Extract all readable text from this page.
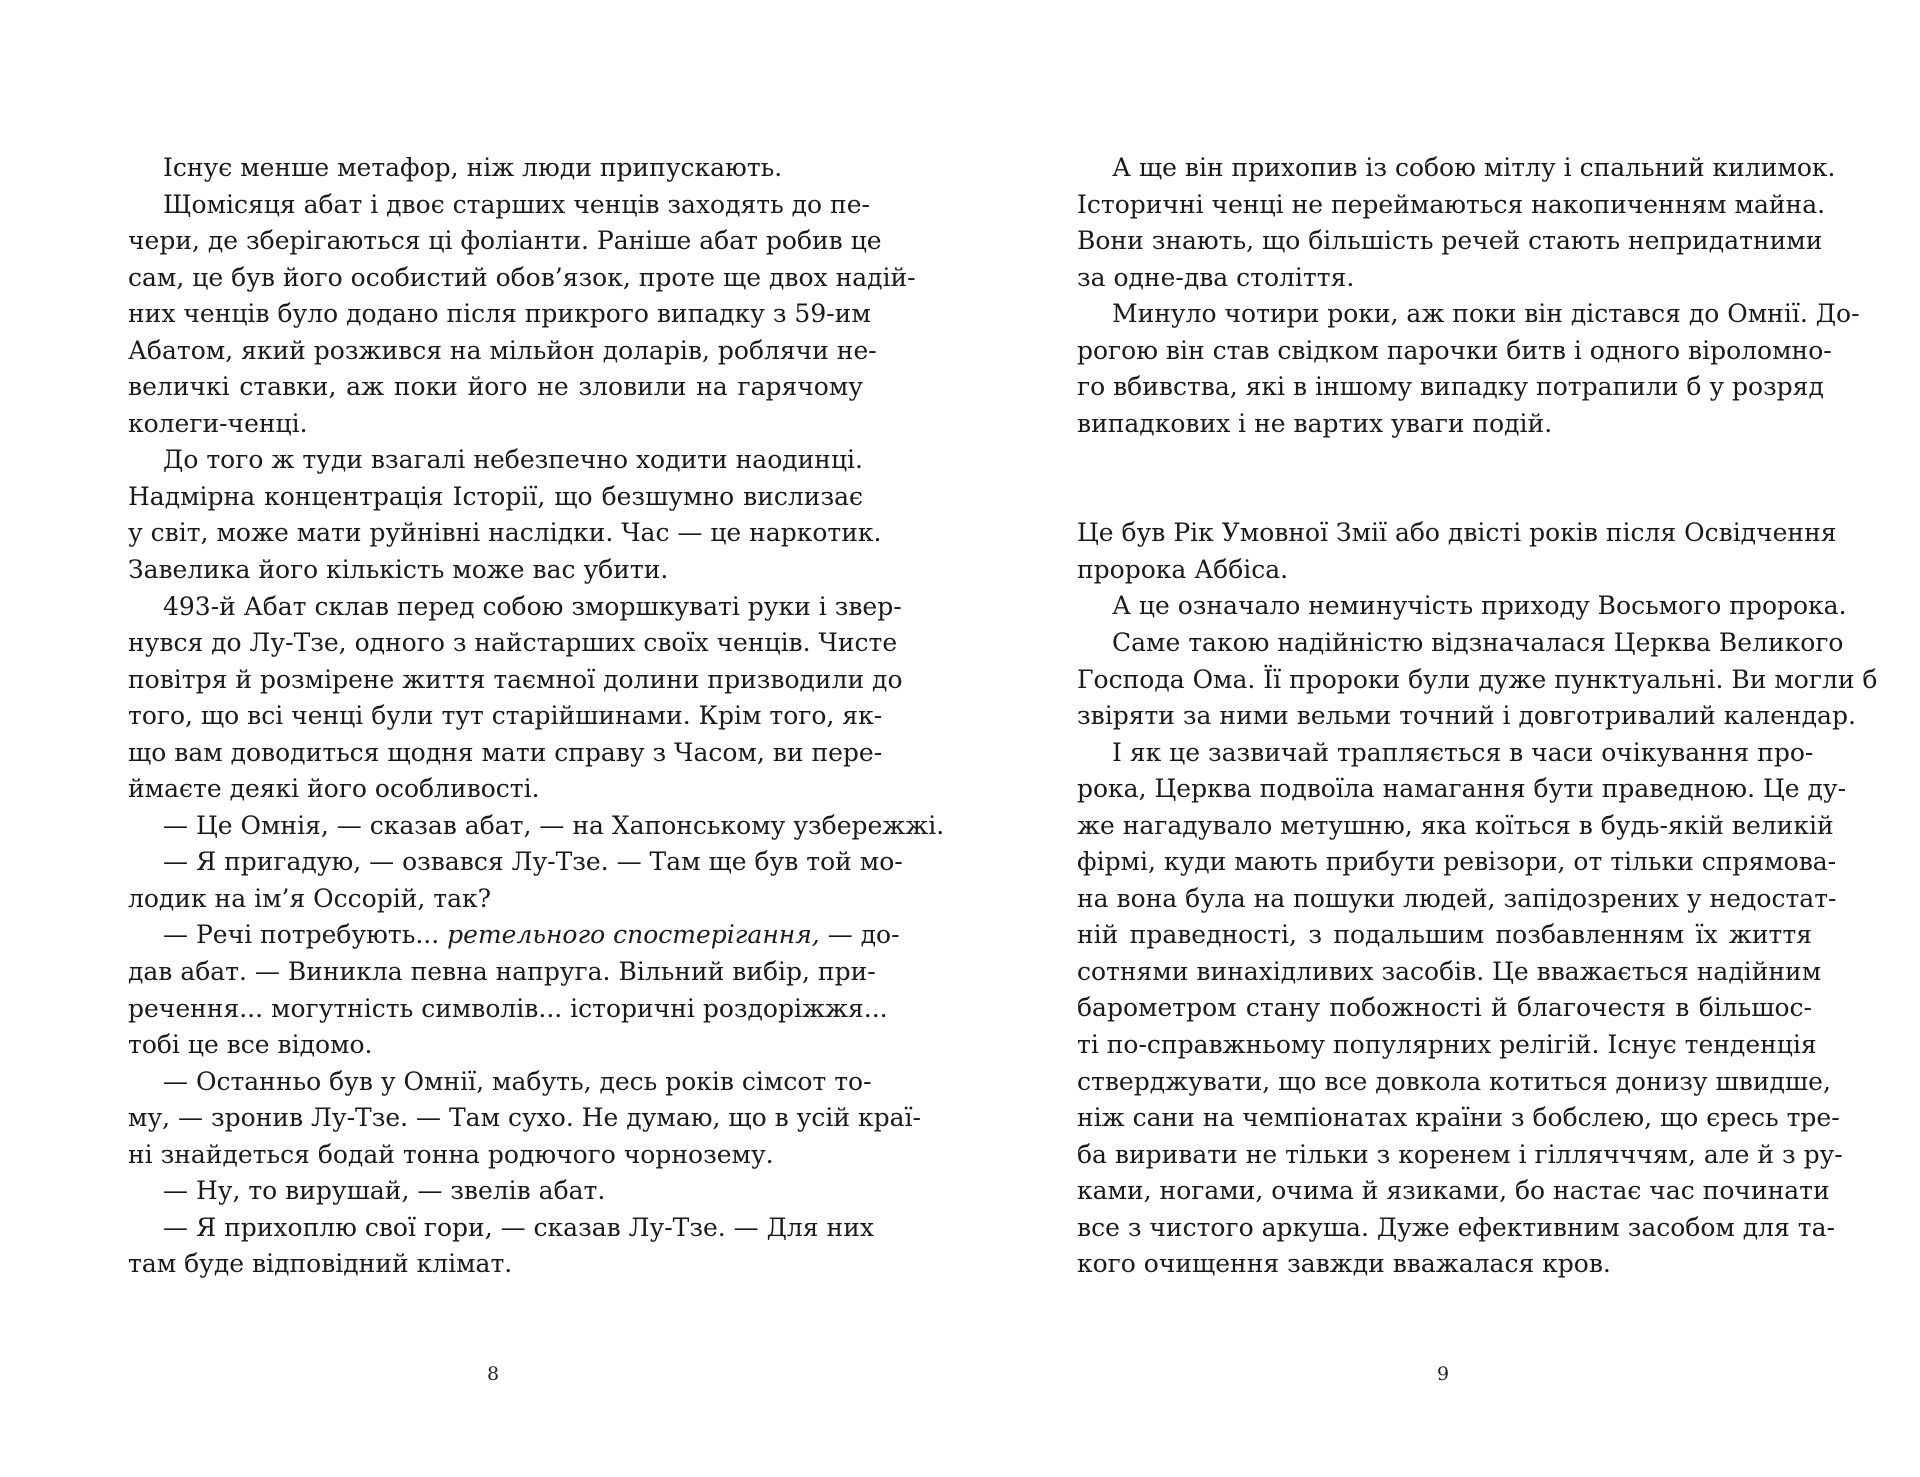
Існує менше метафор, ніж люди припускають.
Щомісяця абат і двоє старших ченців заходять до пе-
чери, де зберігаються ці фоліанти. Раніше абат робив це
сам, це був його особистий обов’язок, проте ще двох надій-
них ченців було додано після прикрого випадку з 59-им
Абатом, який розжився на мільйон доларів, роблячи не-
величкі ставки, аж поки його не зловили на гарячому
колеги-ченці.
До того ж туди взагалі небезпечно ходити наодинці.
Надмірна концентрація Історії, що безшумно вислизає
у світ, може мати руйнівні наслідки. Час — це наркотик.
Завелика його кількість може вас убити.
493-й Абат склав перед собою зморшкуваті руки і звер-
нувся до Лу-Тзе, одного з найстарших своїх ченців. Чисте
повітря й розмірене життя таємної долини призводили до
того, що всі ченці були тут старійшинами. Крім того, як-
що вам доводиться щодня мати справу з Часом, ви пере-
ймаєте деякі його особливості.
— Це Омнія, — сказав абат, — на Хапонському узбережжі.
— Я пригадую, — озвався Лу-Тзе. — Там ще був той мо-
лодик на ім’я Оссорій, так?
— Речі потребують... ретельного спостерігання, — до-
дав абат. — Виникла певна напруга. Вільний вибір, при-
речення... могутність символів... історичні роздоріжжя...
тобі це все відомо.
— Останньо був у Омнії, мабуть, десь років сімсот то-
му, — зронив Лу-Тзе. — Там сухо. Не думаю, що в усій краї-
ні знайдеться бодай тонна родючого чорнозему.
— Ну, то вирушай, — звелів абат.
— Я прихоплю свої гори, — сказав Лу-Тзе. — Для них
там буде відповідний клімат.
8
А ще він прихопив із собою мітлу і спальний килимок.
Історичні ченці не переймаються накопиченням майна.
Вони знають, що більшість речей стають непридатними
за одне-два століття.
Минуло чотири роки, аж поки він дістався до Омнії. До-
рогою він став свідком парочки битв і одного віроломно-
го вбивства, які в іншому випадку потрапили б у розряд
випадкових і не вартих уваги подій.
Це був Рік Умовної Змії або двісті років після Освідчення
пророка Аббіса.
А це означало неминучість приходу Восьмого пророка.
Саме такою надійністю відзначалася Церква Великого
Господа Ома. Її пророки були дуже пунктуальні. Ви могли б
звіряти за ними вельми точний і довготривалий календар.
І як це зазвичай трапляється в часи очікування про-
рока, Церква подвоїла намагання бути праведною. Це ду-
же нагадувало метушню, яка коїться в будь-якій великій
фірмі, куди мають прибути ревізори, от тільки спрямова-
на вона була на пошуки людей, запідозрених у недостат-
ній праведності, з подальшим позбавленням їх життя
сотнями винахідливих засобів. Це вважається надійним
барометром стану побожності й благочестя в більшос-
ті по-справжньому популярних релігій. Існує тенденція
стверджувати, що все довкола котиться донизу швидше,
ніж сани на чемпіонатах країни з бобслею, що єресь тре-
ба виривати не тільки з коренем і гіллячччям, але й з ру-
ками, ногами, очима й язиками, бо настає час починати
все з чистого аркуша. Дуже ефективним засобом для та-
кого очищення завжди вважалася кров.
9
